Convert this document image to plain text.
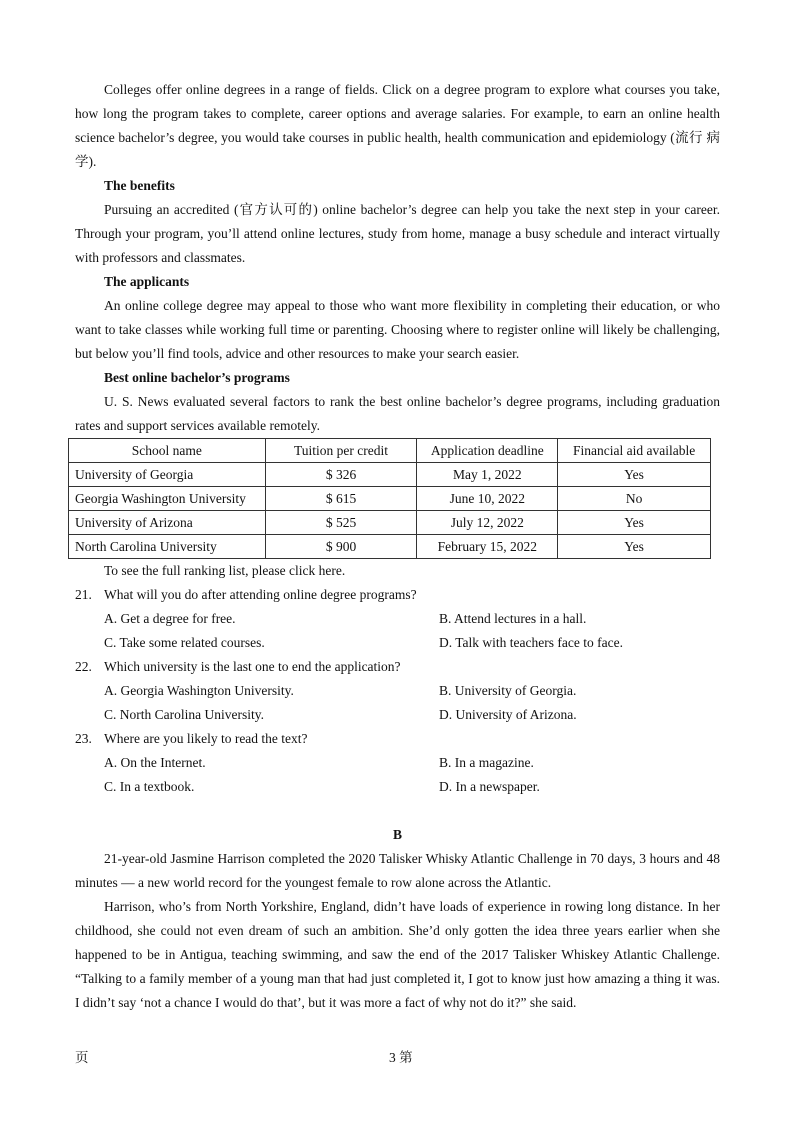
Colleges offer online degrees in a range of fields. Click on a degree program to explore what courses you take, how long the program takes to complete, career options and average salaries. For example, to earn an online health science bachelor’s degree, you would take courses in public health, health communication and epidemiology (流行 病学).

The benefits

Pursuing an accredited (官方认可的) online bachelor’s degree can help you take the next step in your career. Through your program, you’ll attend online lectures, study from home, manage a busy schedule and interact virtually with professors and classmates.

The applicants

An online college degree may appeal to those who want more flexibility in completing their education, or who want to take classes while working full time or parenting. Choosing where to register online will likely be challenging, but below you’ll find tools, advice and other resources to make your search easier.

Best online bachelor’s programs

U. S. News evaluated several factors to rank the best online bachelor’s degree programs, including graduation rates and support services available remotely.

School name	Tuition per credit	Application deadline	Financial aid available
University of Georgia	$ 326	May 1, 2022	Yes
Georgia Washington University	$ 615	June 10, 2022	No
University of Arizona	$ 525	July 12, 2022	Yes
North Carolina University	$ 900	February 15, 2022	Yes

To see the full ranking list, please click here.

21. What will you do after attending online degree programs?

A. Get a degree for free.	B. Attend lectures in a hall.
C. Take some related courses.	D. Talk with teachers face to face.

22. Which university is the last one to end the application?

A. Georgia Washington University.	B. University of Georgia.
C. North Carolina University.	D. University of Arizona.

23. Where are you likely to read the text?

A. On the Internet.	B. In a magazine.
C. In a textbook.	D. In a newspaper.

B

21-year-old Jasmine Harrison completed the 2020 Talisker Whisky Atlantic Challenge in 70 days, 3 hours and 48 minutes — a new world record for the youngest female to row alone across the Atlantic.

Harrison, who’s from North Yorkshire, England, didn’t have loads of experience in rowing long distance. In her childhood, she could not even dream of such an ambition. She’d only gotten the idea three years earlier when she happened to be in Antigua, teaching swimming, and saw the end of the 2017 Talisker Whiskey Atlantic Challenge. “Talking to a family member of a young man that had just completed it, I got to know just how amazing a thing it was. I didn’t say ‘not a chance I would do that’, but it was more a fact of why not do it?” she said.

页	3 第
